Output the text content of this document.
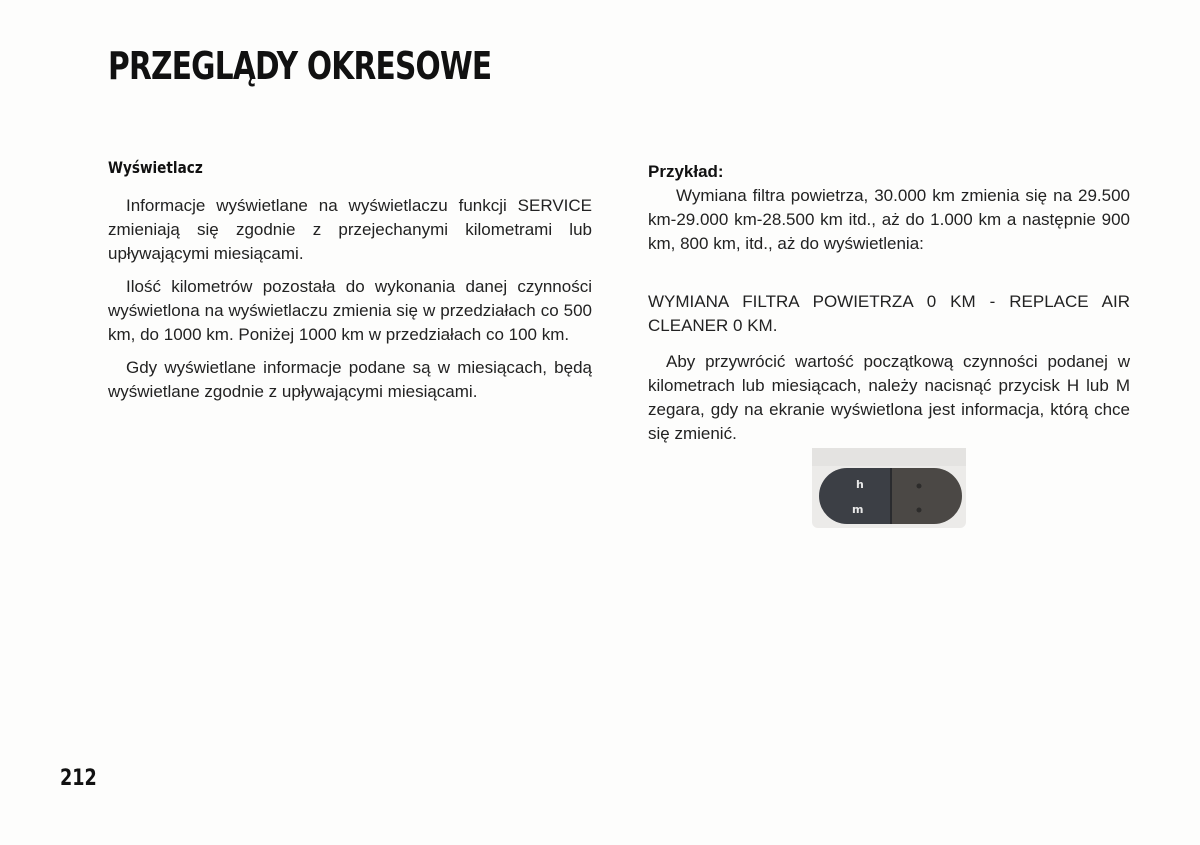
PRZEGLĄDY OKRESOWE
Wyświetlacz

Informacje wyświetlane na wyświetlaczu funkcji SERVICE zmieniają się zgodnie z przejechanymi kilometrami lub upływającymi miesiącami.

Ilość kilometrów pozostała do wykonania danej czynności wyświetlona na wyświetlaczu zmienia się w przedziałach co 500 km, do 1000 km. Poniżej 1000 km w przedziałach co 100 km.

Gdy wyświetlane informacje podane są w miesiącach, będą wyświetlane zgodnie z upływającymi miesiącami.

Przykład:

Wymiana filtra powietrza, 30.000 km zmienia się na 29.500 km-29.000 km-28.500 km itd., aż do 1.000 km a następnie 900 km, 800 km, itd., aż do wyświetlenia:

WYMIANA FILTRA POWIETRZA 0 KM - REPLACE AIR CLEANER 0 KM.

Aby przywrócić wartość początkową czynności podanej w kilometrach lub miesiącach, należy nacisnąć przycisk H lub M zegara, gdy na ekranie wyświetlona jest informacja, którą chce się zmienić.

h
m
212
